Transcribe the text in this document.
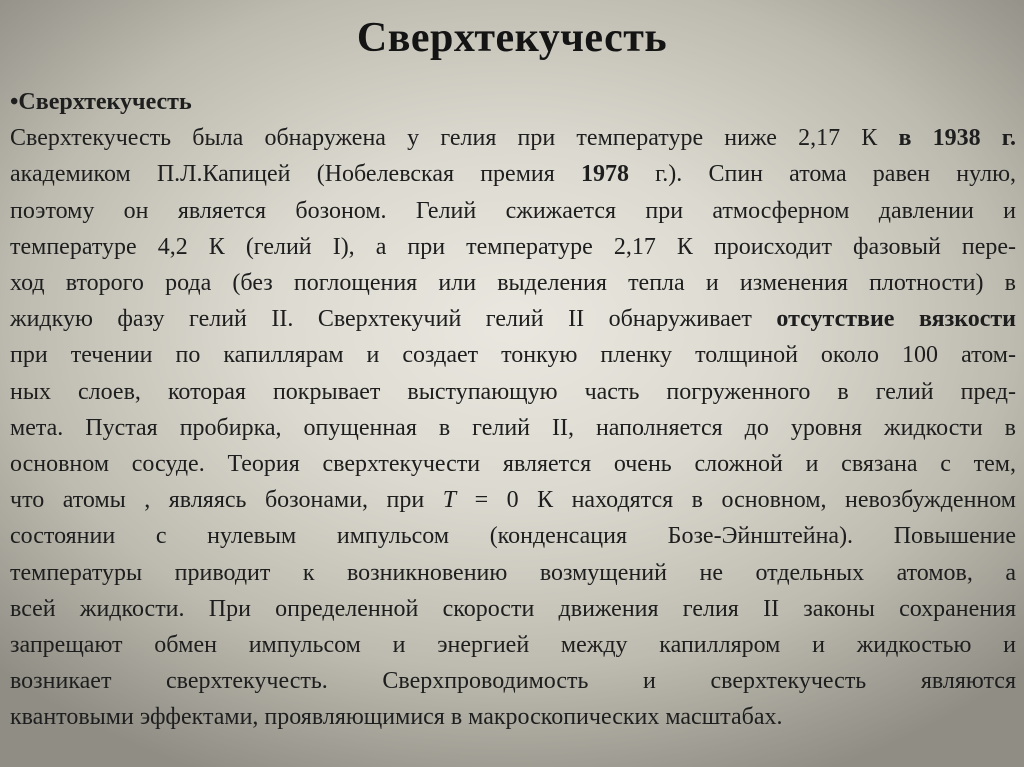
Сверхтекучесть
•Сверхтекучесть
Сверхтекучесть была обнаружена у гелия при температуре ниже 2,17 К в 1938 г.
академиком П.Л.Капицей (Нобелевская премия 1978 г.). Спин атома равен нулю,
поэтому он является бозоном. Гелий сжижается при атмосферном давлении и
температуре 4,2 К (гелий I), а при температуре 2,17 К происходит фазовый пере-
ход второго рода (без поглощения или выделения тепла и изменения плотности) в
жидкую фазу гелий II. Сверхтекучий гелий II обнаруживает отсутствие вязкости
при течении по капиллярам и создает тонкую пленку толщиной около 100 атом-
ных слоев, которая покрывает выступающую часть погруженного в гелий пред-
мета. Пустая пробирка, опущенная в гелий II, наполняется до уровня жидкости в
основном сосуде. Теория сверхтекучести является очень сложной и связана с тем,
что атомы , являясь бозонами, при T = 0 К находятся в основном, невозбужденном
состоянии с нулевым импульсом (конденсация Бозе-Эйнштейна). Повышение
температуры приводит к возникновению возмущений не отдельных атомов, а
всей жидкости. При определенной скорости движения гелия II законы сохранения
запрещают обмен импульсом и энергией между капилляром и жидкостью и
возникает сверхтекучесть. Сверхпроводимость и сверхтекучесть являются
квантовыми эффектами, проявляющимися в макроскопических масштабах.
